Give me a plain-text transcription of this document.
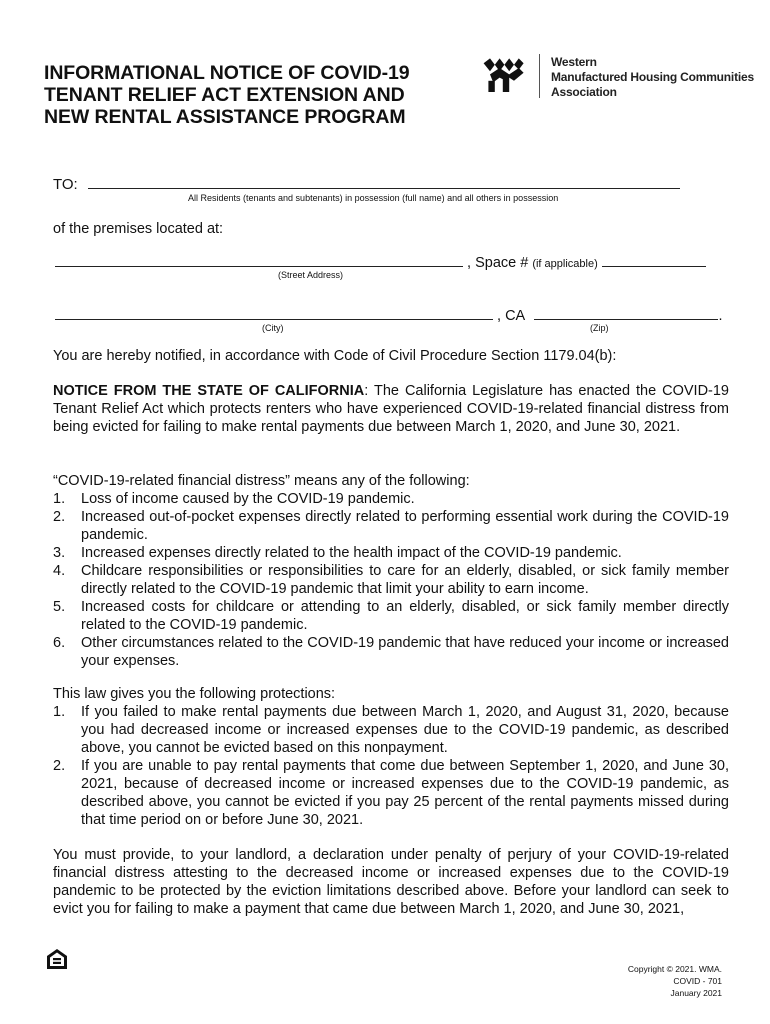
INFORMATIONAL NOTICE OF COVID-19
TENANT RELIEF ACT EXTENSION AND
NEW RENTAL ASSISTANCE PROGRAM
Western
Manufactured Housing Communities
Association
TO:
All Residents (tenants and subtenants) in possession (full name) and all others in possession
of the premises located at:
, Space # (if applicable)
(Street Address)
, CA	.
(City)	(Zip)
You are hereby notified, in accordance with Code of Civil Procedure Section 1179.04(b):
NOTICE FROM THE STATE OF CALIFORNIA: The California Legislature has enacted the COVID-19 Tenant Relief Act which protects renters who have experienced COVID-19-related financial distress from being evicted for failing to make rental payments due between March 1, 2020, and June 30, 2021.
“COVID-19-related financial distress” means any of the following:
1. Loss of income caused by the COVID-19 pandemic.
2. Increased out-of-pocket expenses directly related to performing essential work during the COVID-19 pandemic.
3. Increased expenses directly related to the health impact of the COVID-19 pandemic.
4. Childcare responsibilities or responsibilities to care for an elderly, disabled, or sick family member directly related to the COVID-19 pandemic that limit your ability to earn income.
5. Increased costs for childcare or attending to an elderly, disabled, or sick family member directly related to the COVID-19 pandemic.
6. Other circumstances related to the COVID-19 pandemic that have reduced your income or increased your expenses.
This law gives you the following protections:
1. If you failed to make rental payments due between March 1, 2020, and August 31, 2020, because you had decreased income or increased expenses due to the COVID-19 pandemic, as described above, you cannot be evicted based on this nonpayment.
2. If you are unable to pay rental payments that come due between September 1, 2020, and June 30, 2021, because of decreased income or increased expenses due to the COVID-19 pandemic, as described above, you cannot be evicted if you pay 25 percent of the rental payments missed during that time period on or before June 30, 2021.
You must provide, to your landlord, a declaration under penalty of perjury of your COVID-19-related financial distress attesting to the decreased income or increased expenses due to the COVID-19 pandemic to be protected by the eviction limitations described above. Before your landlord can seek to evict you for failing to make a payment that came due between March 1, 2020, and June 30, 2021,
Copyright © 2021. WMA.
COVID - 701
January 2021
